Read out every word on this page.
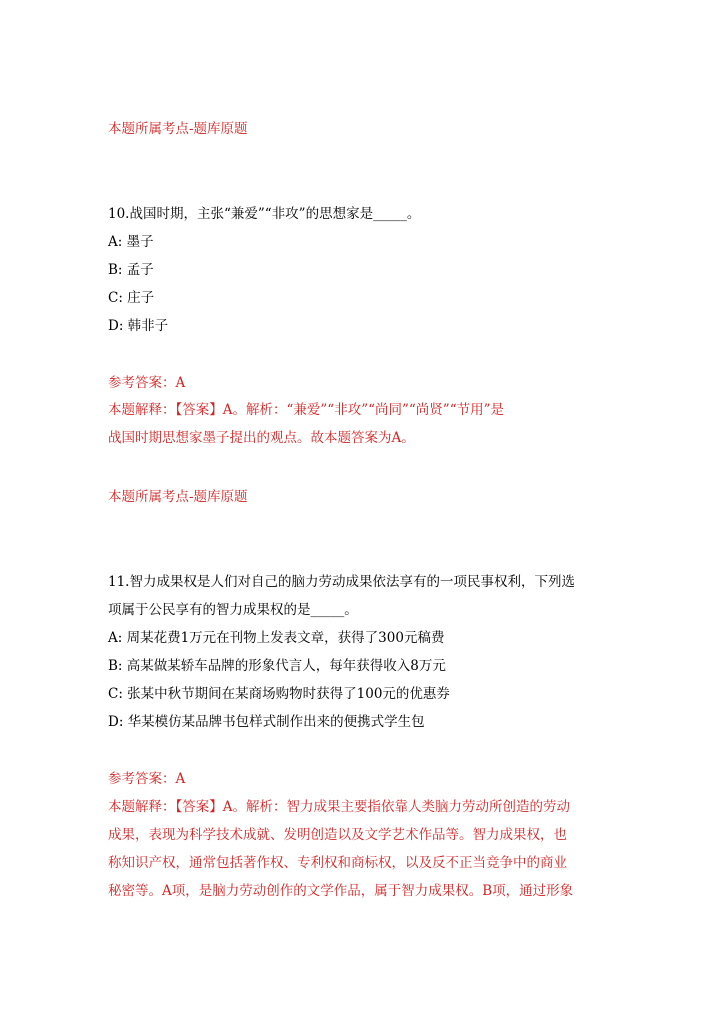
本题所属考点-题库原题
10.战国时期，主张“兼爱”“非攻”的思想家是_____。
A: 墨子
B: 孟子
C: 庄子
D: 韩非子
参考答案：A
本题解释：【答案】A。解析：“兼爱”“非攻”“尚同”“尚贤”“节用”是
战国时期思想家墨子提出的观点。故本题答案为A。
本题所属考点-题库原题
11.智力成果权是人们对自己的脑力劳动成果依法享有的一项民事权利，下列选
项属于公民享有的智力成果权的是_____。
A: 周某花费1万元在刊物上发表文章，获得了300元稿费
B: 高某做某轿车品牌的形象代言人，每年获得收入8万元
C: 张某中秋节期间在某商场购物时获得了100元的优惠券
D: 华某模仿某品牌书包样式制作出来的便携式学生包
参考答案：A
本题解释：【答案】A。解析：智力成果主要指依靠人类脑力劳动所创造的劳动
成果，表现为科学技术成就、发明创造以及文学艺术作品等。智力成果权，也
称知识产权，通常包括著作权、专利权和商标权，以及反不正当竞争中的商业
秘密等。A项，是脑力劳动创作的文学作品，属于智力成果权。B项，通过形象
